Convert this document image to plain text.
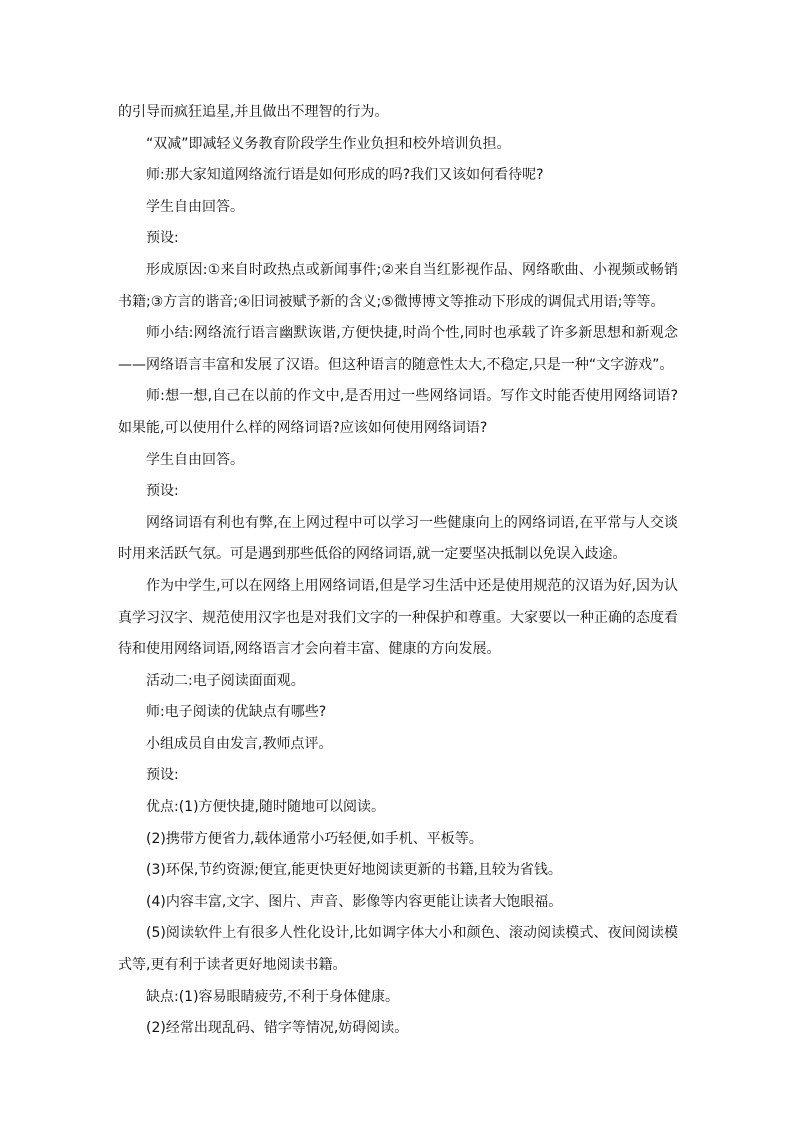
的引导而疯狂追星,并且做出不理智的行为。

“双减”即减轻义务教育阶段学生作业负担和校外培训负担。

师:那大家知道网络流行语是如何形成的吗?我们又该如何看待呢?

学生自由回答。

预设:

形成原因:①来自时政热点或新闻事件;②来自当红影视作品、网络歌曲、小视频或畅销书籍;③方言的谐音;④旧词被赋予新的含义;⑤微博博文等推动下形成的调侃式用语;等等。

师小结:网络流行语言幽默诙谐,方便快捷,时尚个性,同时也承载了许多新思想和新观念——网络语言丰富和发展了汉语。但这种语言的随意性太大,不稳定,只是一种“文字游戏”。

师:想一想,自己在以前的作文中,是否用过一些网络词语。写作文时能否使用网络词语?如果能,可以使用什么样的网络词语?应该如何使用网络词语?

学生自由回答。

预设:

网络词语有利也有弊,在上网过程中可以学习一些健康向上的网络词语,在平常与人交谈时用来活跃气氛。可是遇到那些低俗的网络词语,就一定要坚决抵制以免误入歧途。

作为中学生,可以在网络上用网络词语,但是学习生活中还是使用规范的汉语为好,因为认真学习汉字、规范使用汉字也是对我们文字的一种保护和尊重。大家要以一种正确的态度看待和使用网络词语,网络语言才会向着丰富、健康的方向发展。

活动二:电子阅读面面观。

师:电子阅读的优缺点有哪些?

小组成员自由发言,教师点评。

预设:

优点:(1)方便快捷,随时随地可以阅读。

(2)携带方便省力,载体通常小巧轻便,如手机、平板等。

(3)环保,节约资源;便宜,能更快更好地阅读更新的书籍,且较为省钱。

(4)内容丰富,文字、图片、声音、影像等内容更能让读者大饱眼福。

(5)阅读软件上有很多人性化设计,比如调字体大小和颜色、滚动阅读模式、夜间阅读模式等,更有利于读者更好地阅读书籍。

缺点:(1)容易眼睛疲劳,不利于身体健康。

(2)经常出现乱码、错字等情况,妨碍阅读。
